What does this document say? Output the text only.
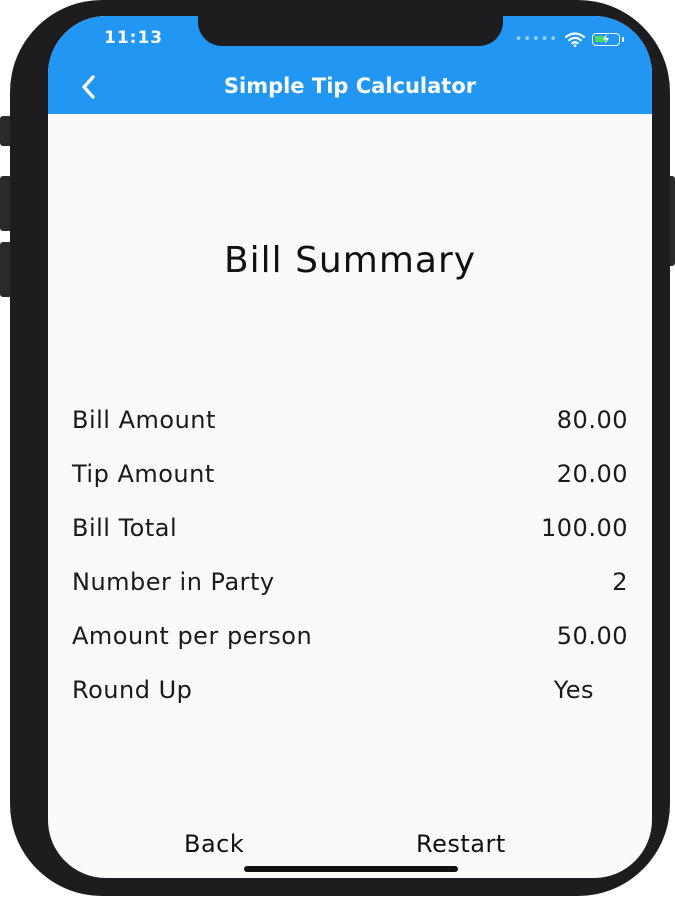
11:13	•••••
Simple Tip Calculator
Bill Summary
Bill Amount	80.00
Tip Amount	20.00
Bill Total	100.00
Number in Party	2
Amount per person	50.00
Round Up	Yes
Back	Restart
